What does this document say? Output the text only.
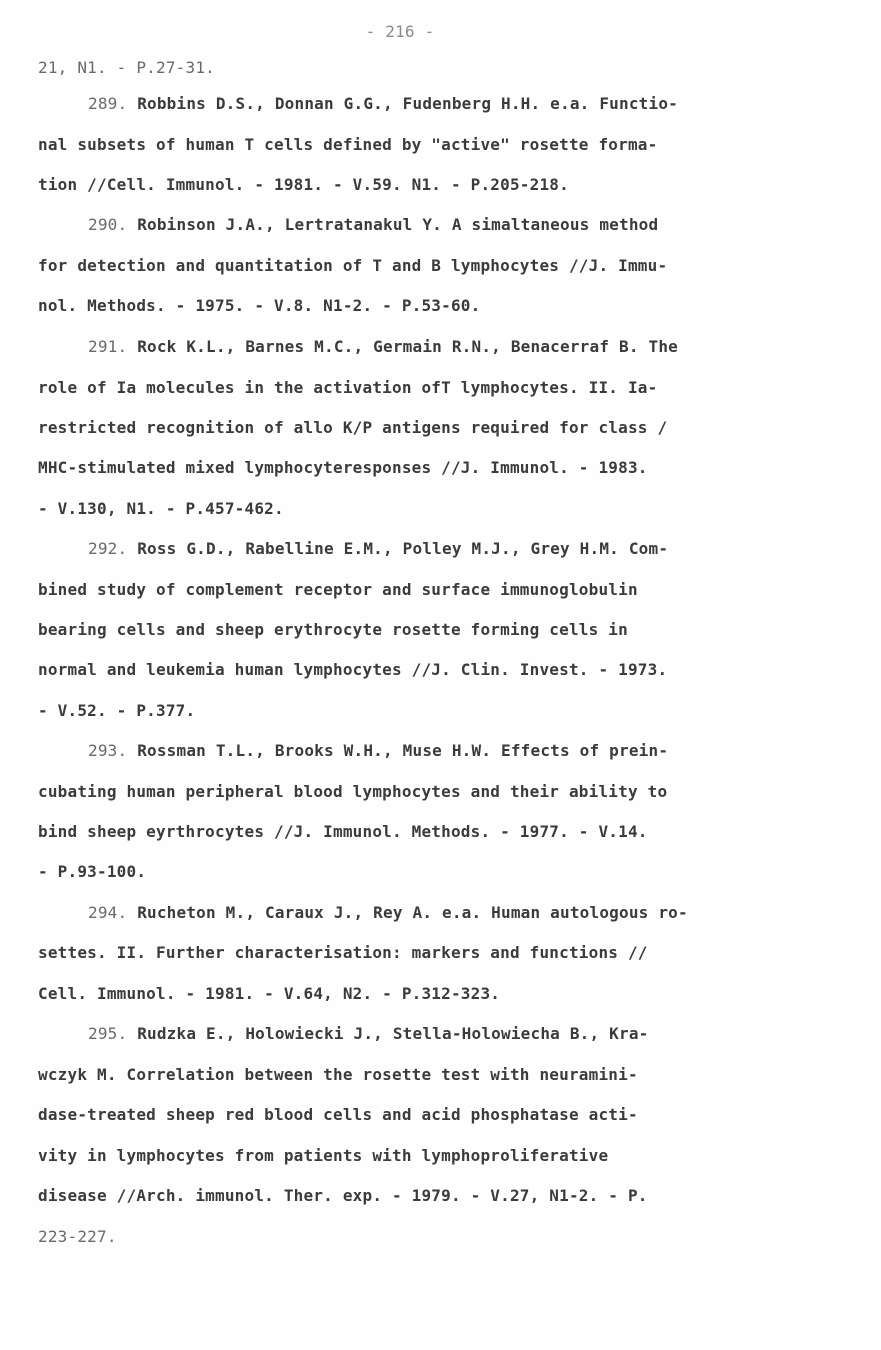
- 216 -
21, N1. - P.27-31.
289. Robbins D.S., Donnan G.G., Fudenberg H.H. e.a. Functio-
nal subsets of human T cells defined by "active" rosette forma-
tion //Cell. Immunol. - 1981. - V.59. N1. - P.205-218.
290. Robinson J.A., Lertratanakul Y. A simaltaneous method
for detection and quantitation of T and B lymphocytes //J. Immu-
nol. Methods. - 1975. - V.8. N1-2. - P.53-60.
291. Rock K.L., Barnes M.C., Germain R.N., Benacerraf B. The
role of Ia molecules in the activation ofT lymphocytes. II. Ia-
restricted recognition of allo K/P antigens required for class /
MHC-stimulated mixed lymphocyteresponses //J. Immunol. - 1983.
- V.130, N1. - P.457-462.
292. Ross G.D., Rabelline E.M., Polley M.J., Grey H.M. Com-
bined study of complement receptor and surface immunoglobulin
bearing cells and sheep erythrocyte rosette forming cells in
normal and leukemia human lymphocytes //J. Clin. Invest. - 1973.
- V.52. - P.377.
293. Rossman T.L., Brooks W.H., Muse H.W. Effects of prein-
cubating human peripheral blood lymphocytes and their ability to
bind sheep eyrthrocytes //J. Immunol. Methods. - 1977. - V.14.
- P.93-100.
294. Rucheton M., Caraux J., Rey A. e.a. Human autologous ro-
settes. II. Further characterisation: markers and functions //
Cell. Immunol. - 1981. - V.64, N2. - P.312-323.
295. Rudzka E., Holowiecki J., Stella-Holowiecha B., Kra-
wczyk M. Correlation between the rosette test with neuramini-
dase-treated sheep red blood cells and acid phosphatase acti-
vity in lymphocytes from patients with lymphoproliferative
disease //Arch. immunol. Ther. exp. - 1979. - V.27, N1-2. - P.
223-227.
